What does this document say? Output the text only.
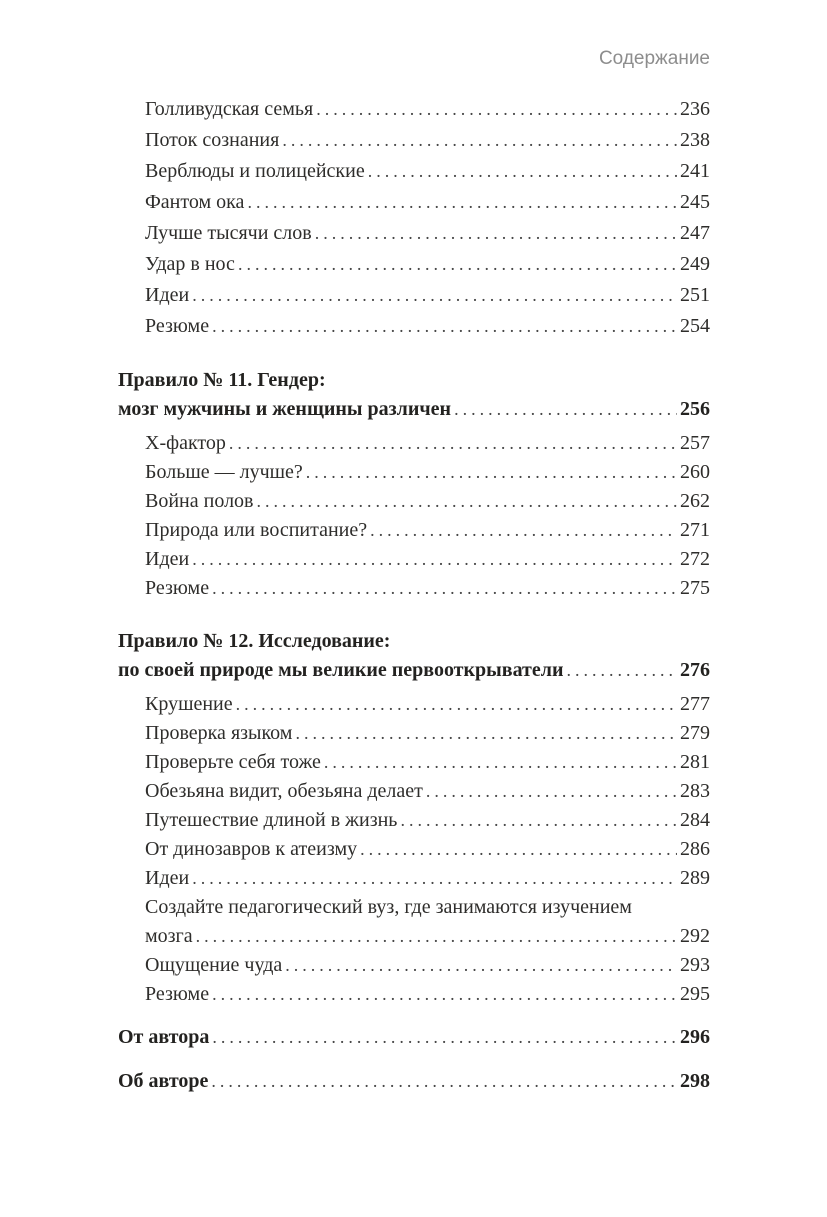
Содержание
Голливудская семья .....	236
Поток сознания .....	238
Верблюды и полицейские .....	241
Фантом ока .....	245
Лучше тысячи слов .....	247
Удар в нос .....	249
Идеи .....	251
Резюме .....	254
Правило № 11. Гендер:
мозг мужчины и женщины различен .....	256
Х-фактор .....	257
Больше — лучше? .....	260
Война полов .....	262
Природа или воспитание? .....	271
Идеи .....	272
Резюме .....	275
Правило № 12. Исследование:
по своей природе мы великие первооткрыватели .....	276
Крушение .....	277
Проверка языком .....	279
Проверьте себя тоже .....	281
Обезьяна видит, обезьяна делает .....	283
Путешествие длиной в жизнь .....	284
От динозавров к атеизму .....	286
Идеи .....	289
Создайте педагогический вуз, где занимаются изучением
мозга .....	292
Ощущение чуда .....	293
Резюме .....	295
От автора .....	296
Об авторе .....	298
